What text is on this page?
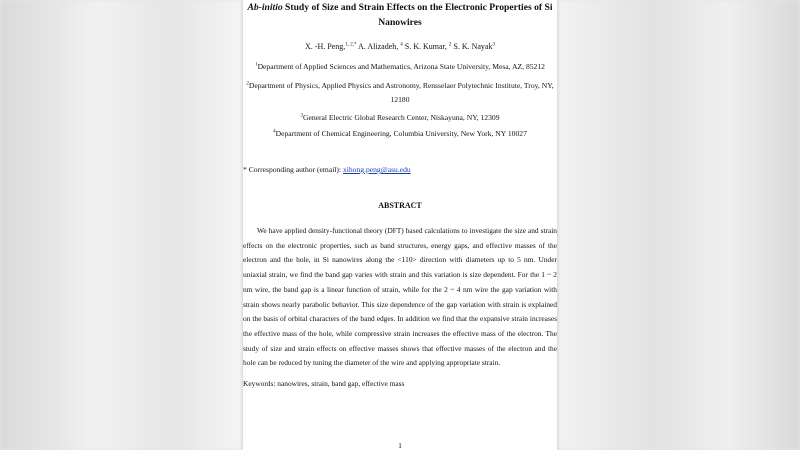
Ab-initio Study of Size and Strain Effects on the Electronic Properties of Si
Nanowires
X. -H. Peng,$^{1, 2,*}$ A. Alizadeh, $^4$ S. K. Kumar, $^2$ S. K. Nayak$^3$
$^1$Department of Applied Sciences and Mathematics, Arizona State University, Mesa, AZ, 85212
$^2$Department of Physics, Applied Physics and Astronomy, Rensselaer Polytechnic Institute, Troy, NY, 12180
$^3$General Electric Global Research Center, Niskayuna, NY, 12309
$^4$Department of Chemical Engineering, Columbia University, New York, NY 10027
* Corresponding author (email): xihong.peng@asu.edu
ABSTRACT

We have applied density-functional theory (DFT) based calculations to investigate the size and strain effects on the electronic properties, such as band structures, energy gaps, and effective masses of the electron and the hole, in Si nanowires along the <110> direction with diameters up to 5 nm. Under uniaxial strain, we find the band gap varies with strain and this variation is size dependent. For the 1 ~ 2 nm wire, the band gap is a linear function of strain, while for the 2 ~ 4 nm wire the gap variation with strain shows nearly parabolic behavior. This size dependence of the gap variation with strain is explained on the basis of orbital characters of the band edges. In addition we find that the expansive strain increases the effective mass of the hole, while compressive strain increases the effective mass of the electron. The study of size and strain effects on effective masses shows that effective masses of the electron and the hole can be reduced by tuning the diameter of the wire and applying appropriate strain.

Keywords: nanowires, strain, band gap, effective mass
1
